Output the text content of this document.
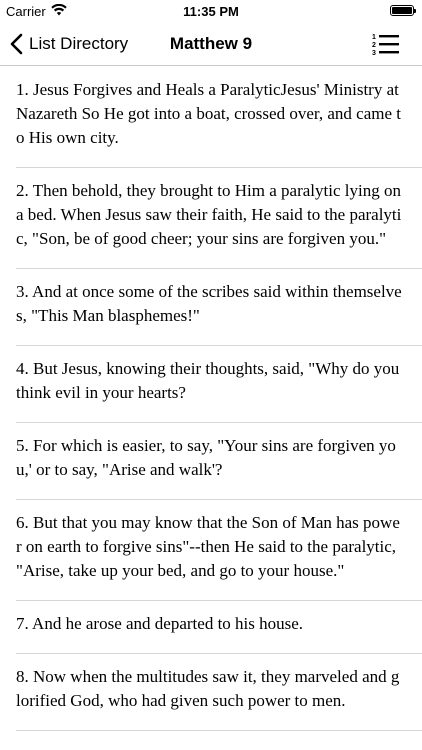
Carrier	11:35 PM
List Directory	Matthew 9	1
2
3
1. Jesus Forgives and Heals a ParalyticJesus' Ministry at Nazareth So He got into a boat, crossed over, and came to His own city.
2. Then behold, they brought to Him a paralytic lying on a bed. When Jesus saw their faith, He said to the paralytic, "Son, be of good cheer; your sins are forgiven you."
3. And at once some of the scribes said within themselves, "This Man blasphemes!"
4. But Jesus, knowing their thoughts, said, "Why do you think evil in your hearts?
5. For which is easier, to say, "Your sins are forgiven you,' or to say, "Arise and walk'?
6. But that you may know that the Son of Man has power on earth to forgive sins"--then He said to the paralytic, "Arise, take up your bed, and go to your house."
7. And he arose and departed to his house.
8. Now when the multitudes saw it, they marveled and glorified God, who had given such power to men.
